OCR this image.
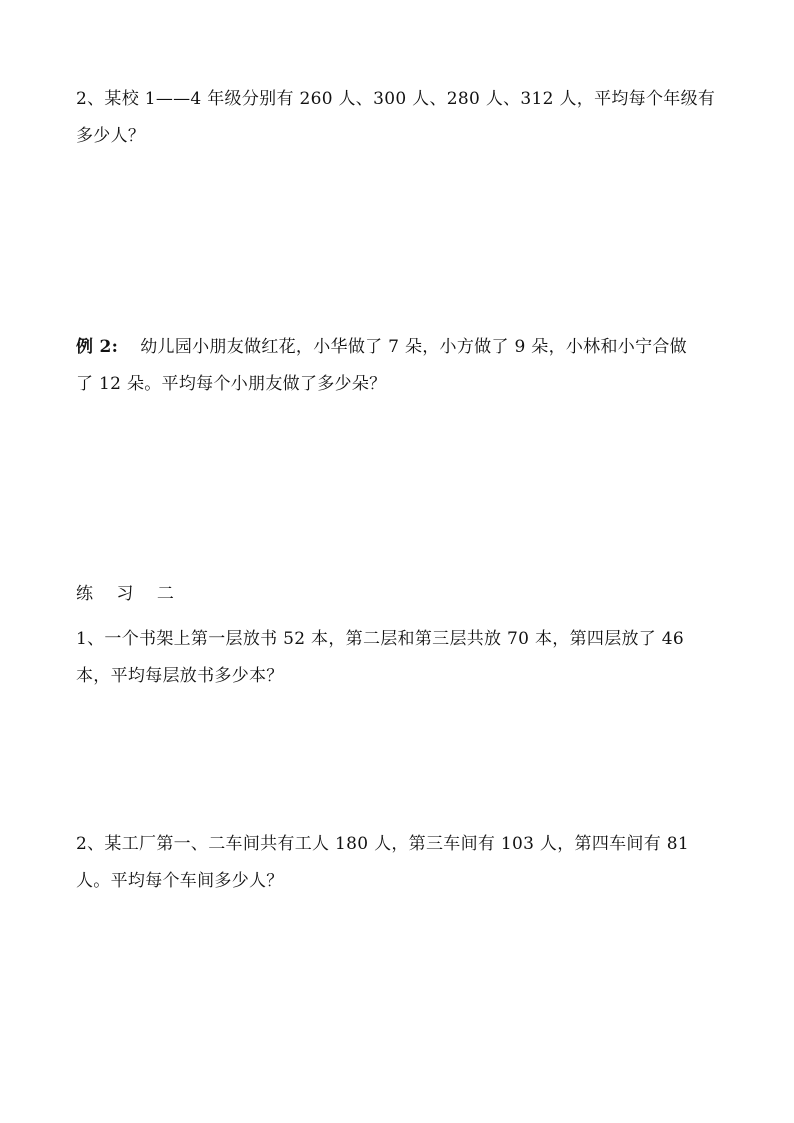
2、某校 1——4 年级分别有 260 人、300 人、280 人、312 人，平均每个年级有
多少人？
例 2: 幼儿园小朋友做红花，小华做了 7 朵，小方做了 9 朵，小林和小宁合做
了 12 朵。平均每个小朋友做了多少朵？
练 习 二
1、一个书架上第一层放书 52 本，第二层和第三层共放 70 本，第四层放了 46
本，平均每层放书多少本？
2、某工厂第一、二车间共有工人 180 人，第三车间有 103 人，第四车间有 81
人。平均每个车间多少人？
